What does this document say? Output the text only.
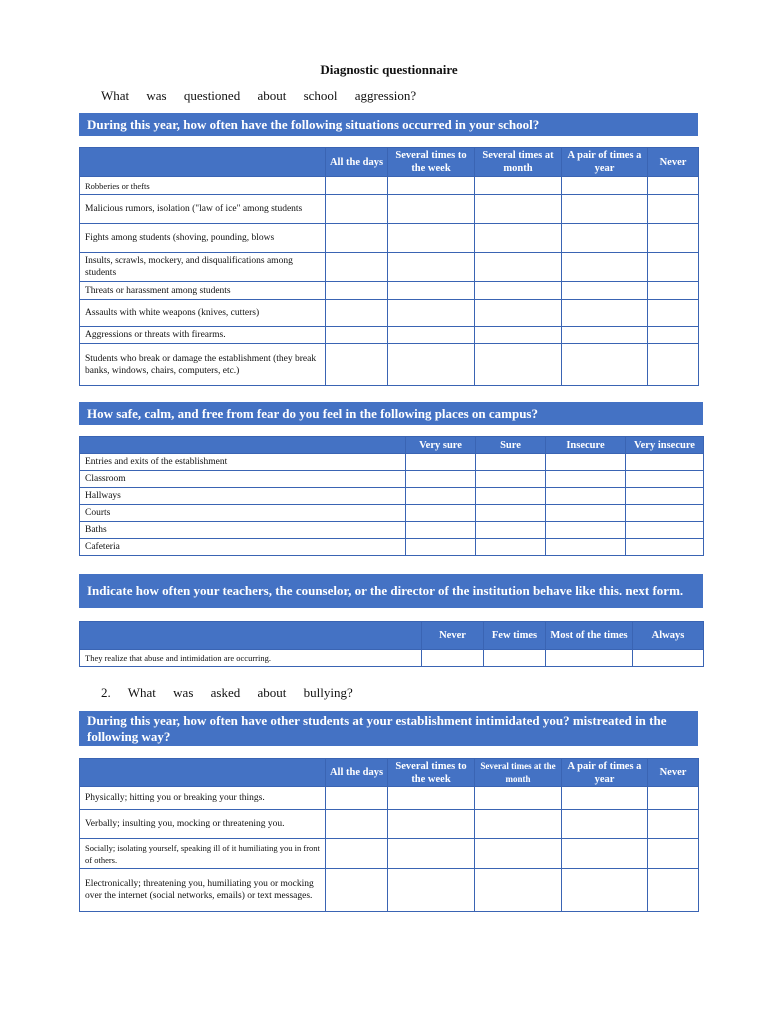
Diagnostic questionnaire
What was questioned about school aggression?
During this year, how often have the following situations occurred in your school?
	All the days	Several times to the week	Several times at month	A pair of times a year	Never
Robberies or thefts					
Malicious rumors, isolation ("law of ice" among students					
Fights among students (shoving, pounding, blows					
Insults, scrawls, mockery, and disqualifications among students					
Threats or harassment among students					
Assaults with white weapons (knives, cutters)					
Aggressions or threats with firearms.					
Students who break or damage the establishment (they break banks, windows, chairs, computers, etc.)					
How safe, calm, and free from fear do you feel in the following places on campus?
	Very sure	Sure	Insecure	Very insecure
Entries and exits of the establishment				
Classroom				
Hallways				
Courts				
Baths				
Cafeteria				
Indicate how often your teachers, the counselor, or the director of the institution behave like this. next form.
	Never	Few times	Most of the times	Always
They realize that abuse and intimidation are occurring.				
2. What was asked about bullying?
During this year, how often have other students at your establishment intimidated you? mistreated in the following way?
	All the days	Several times to the week	Several times at the month	A pair of times a year	Never
Physically; hitting you or breaking your things.					
Verbally; insulting you, mocking or threatening you.					
Socially; isolating yourself, speaking ill of it humiliating you in front of others.					
Electronically; threatening you, humiliating you or mocking over the internet (social networks, emails) or text messages.					
